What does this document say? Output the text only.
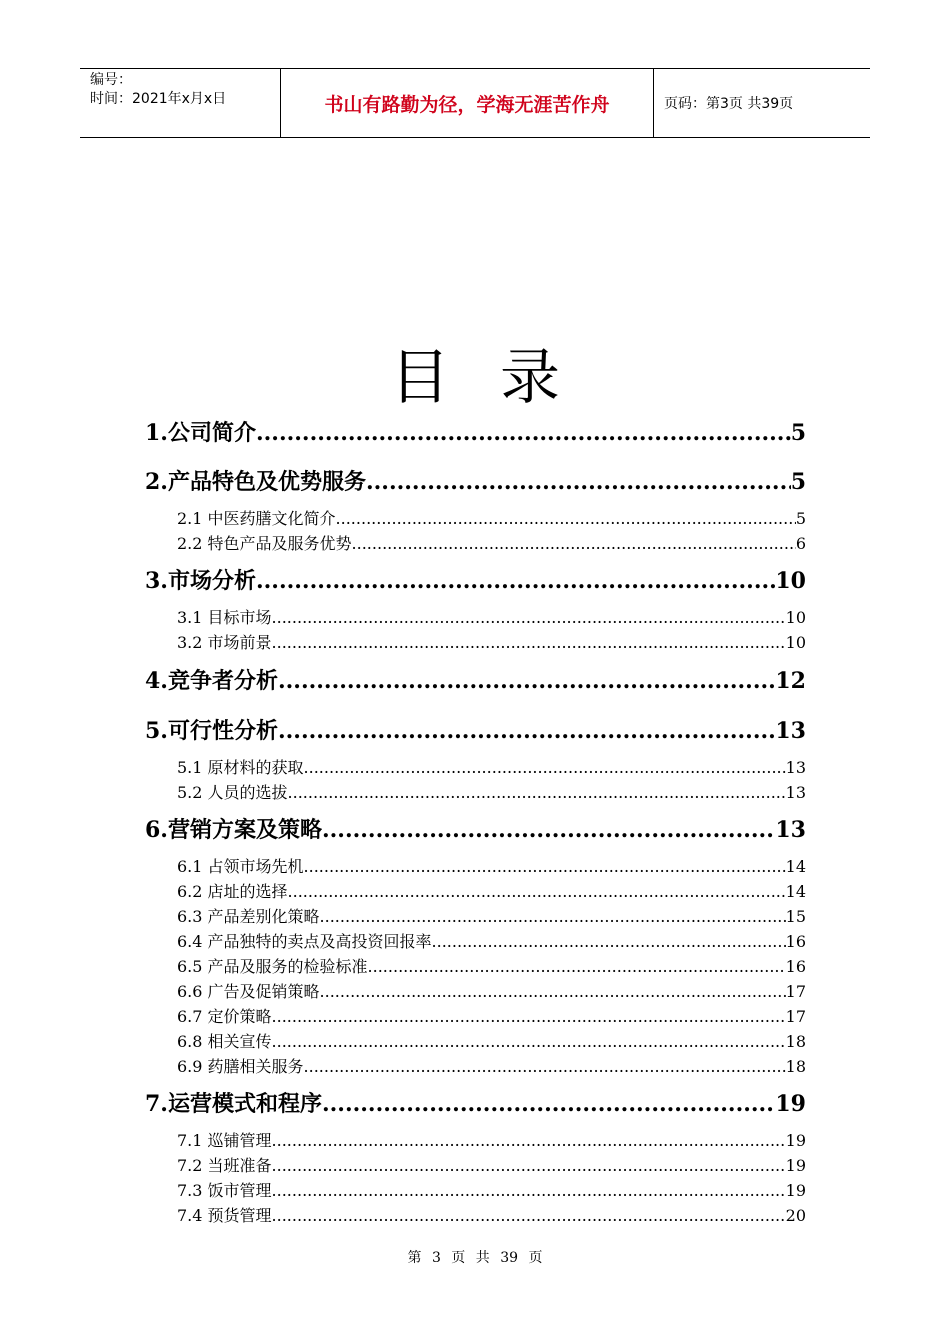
编号：
时间：2021年x月x日	书山有路勤为径，学海无涯苦作舟	页码：第3页 共39页
目录
1.公司简介 .....	5
2.产品特色及优势服务 .....	5
2.1 中医药膳文化简介 .....	5
2.2 特色产品及服务优势 .....	6
3.市场分析 .....	10
3.1 目标市场 .....	10
3.2 市场前景 .....	10
4.竞争者分析 .....	12
5.可行性分析 .....	13
5.1 原材料的获取 .....	13
5.2 人员的选拔 .....	13
6.营销方案及策略 .....	13
6.1 占领市场先机 .....	14
6.2 店址的选择 .....	14
6.3 产品差别化策略 .....	15
6.4 产品独特的卖点及高投资回报率 .....	16
6.5 产品及服务的检验标准 .....	16
6.6 广告及促销策略 .....	17
6.7 定价策略 .....	17
6.8 相关宣传 .....	18
6.9 药膳相关服务 .....	18
7.运营模式和程序 .....	19
7.1 巡铺管理 .....	19
7.2 当班准备 .....	19
7.3 饭市管理 .....	19
7.4 预货管理 .....	20
第 3 页 共 39 页
